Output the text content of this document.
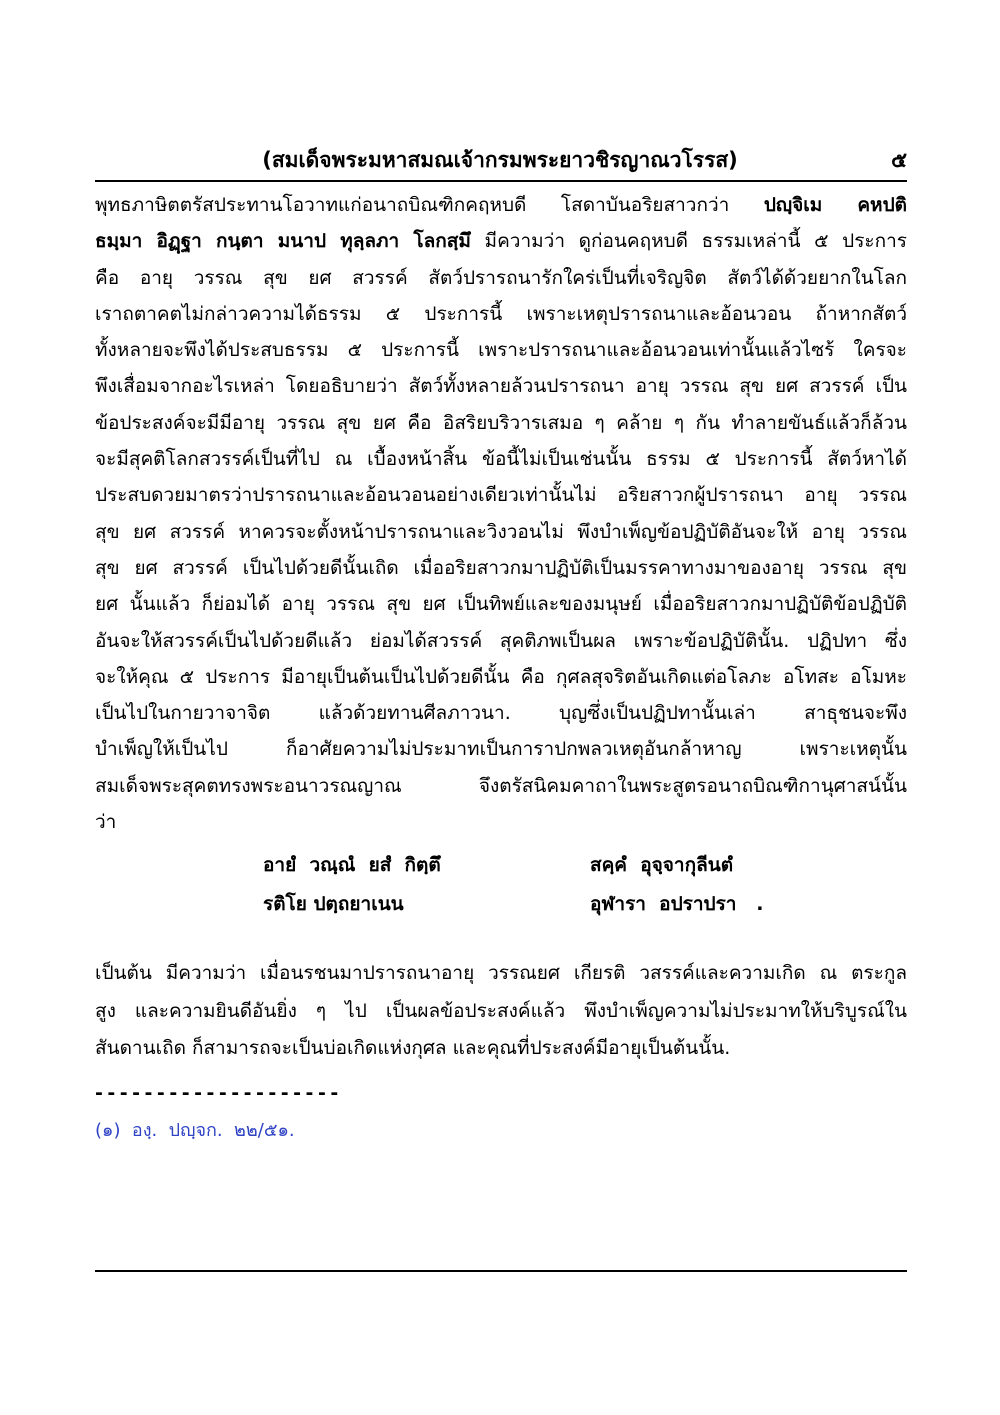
(สมเด็จพระมหาสมณเจ้ากรมพระยาวชิรญาณวโรรส)	๕
พุทธภาษิตตรัสประทานโอวาทแก่อนาถบิณฑิกคฤหบดี โสดาบันอริยสาวกว่า ปญฺจิเม คหปติ
ธมฺมา อิฏฺฐา กนฺตา มนาป ทุลฺลภา โลกสฺมึ มีความว่า ดูก่อนคฤหบดี ธรรมเหล่านี้ ๕ ประการ
คือ อายุ วรรณ สุข ยศ สวรรค์ สัตว์ปรารถนารักใคร่เป็นที่เจริญจิต สัตว์ได้ด้วยยากในโลก
เราถตาคตไม่กล่าวความได้ธรรม ๕ ประการนี้ เพราะเหตุปรารถนาและอ้อนวอน ถ้าหากสัตว์
ทั้งหลายจะพึงได้ประสบธรรม ๕ ประการนี้ เพราะปรารถนาและอ้อนวอนเท่านั้นแล้วไซร้ ใครจะ
พึงเสื่อมจากอะไรเหล่า โดยอธิบายว่า สัตว์ทั้งหลายล้วนปรารถนา อายุ วรรณ สุข ยศ สวรรค์ เป็น
ข้อประสงค์จะมีมีอายุ วรรณ สุข ยศ คือ อิสริยบริวารเสมอ ๆ คล้าย ๆ กัน ทำลายขันธ์แล้วก็ล้วน
จะมีสุคติโลกสวรรค์เป็นที่ไป ณ เบื้องหน้าสิ้น ข้อนี้ไม่เป็นเช่นนั้น ธรรม ๕ ประการนี้ สัตว์หาได้
ประสบดวยมาตรว่าปรารถนาและอ้อนวอนอย่างเดียวเท่านั้นไม่ อริยสาวกผู้ปรารถนา อายุ วรรณ
สุข ยศ สวรรค์ หาควรจะตั้งหน้าปรารถนาและวิงวอนไม่ พึงบำเพ็ญข้อปฏิบัติอันจะให้ อายุ วรรณ
สุข ยศ สวรรค์ เป็นไปด้วยดีนั้นเถิด เมื่ออริยสาวกมาปฏิบัติเป็นมรรคาทางมาของอายุ วรรณ สุข
ยศ นั้นแล้ว ก็ย่อมได้ อายุ วรรณ สุข ยศ เป็นทิพย์และของมนุษย์ เมื่ออริยสาวกมาปฏิบัติข้อปฏิบัติ
อันจะให้สวรรค์เป็นไปด้วยดีแล้ว ย่อมได้สวรรค์ สุคติภพเป็นผล เพราะข้อปฏิบัตินั้น. ปฏิปทา ซึ่ง
จะให้คุณ ๕ ประการ มีอายุเป็นต้นเป็นไปด้วยดีนั้น คือ กุศลสุจริตอันเกิดแต่อโลภะ อโทสะ อโมหะ
เป็นไปในกายวาจาจิต แล้วด้วยทานศีลภาวนา. บุญซึ่งเป็นปฏิปทานั้นเล่า สาธุชนจะพึง
บำเพ็ญให้เป็นไป ก็อาศัยความไม่ประมาทเป็นการาปกพลวเหตุอันกล้าหาญ เพราะเหตุนั้น
สมเด็จพระสุคตทรงพระอนาวรณญาณ จึงตรัสนิคมคาถาในพระสูตรอนาถบิณฑิกานุศาสน์นั้น
ว่า
อายํ  วณฺณํ  ยสํ  กิตฺตึ	สคฺคํ  อุจฺจากุลีนตํ
รติโย ปตฺถยาเนน	อุฬารา  อปราปรา   .
เป็นต้น มีความว่า เมื่อนรชนมาปรารถนาอายุ วรรณยศ เกียรติ วสรรค์และความเกิด ณ ตระกูล
สูง และความยินดีอันยิ่ง ๆ ไป เป็นผลข้อประสงค์แล้ว พึงบำเพ็ญความไม่ประมาทให้บริบูรณ์ใน
สันดานเถิด ก็สามารถจะเป็นบ่อเกิดแห่งกุศล และคุณที่ประสงค์มีอายุเป็นต้นนั้น.
--------------------
(๑)  องฺ.  ปญฺจก.  ๒๒/๕๑.
